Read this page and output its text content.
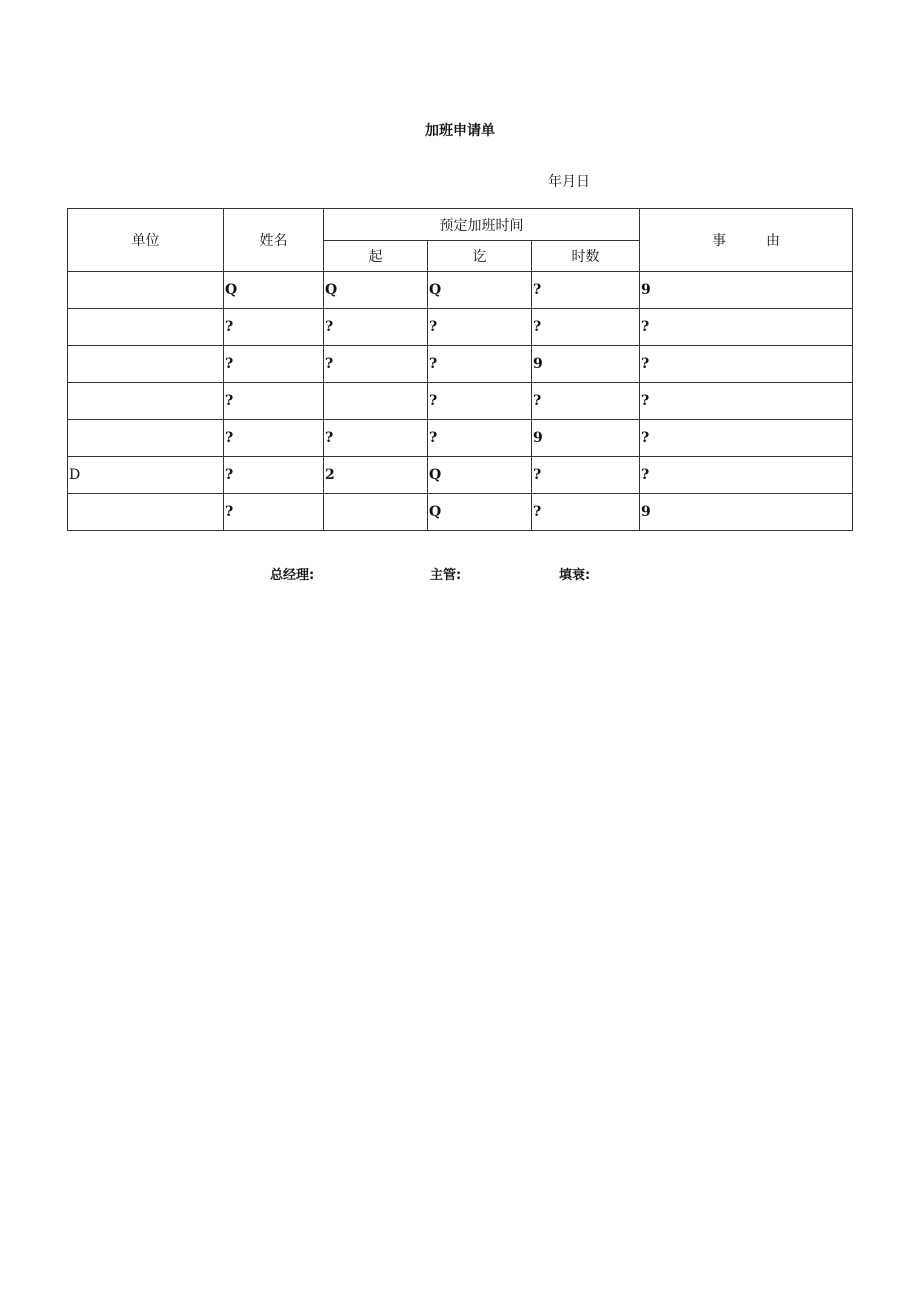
加班申请单
年月日
单位	姓名	预定加班时间			事 由
		起	讫	时数	
	Q	Q	Q	?	9
	?	?	?	?	?
	?	?	?	9	?
	?		?	?	?
	?	?	?	9	?
D	?	2	Q	?	?
	?		Q	?	9
总经理:	主管:	填衰:
